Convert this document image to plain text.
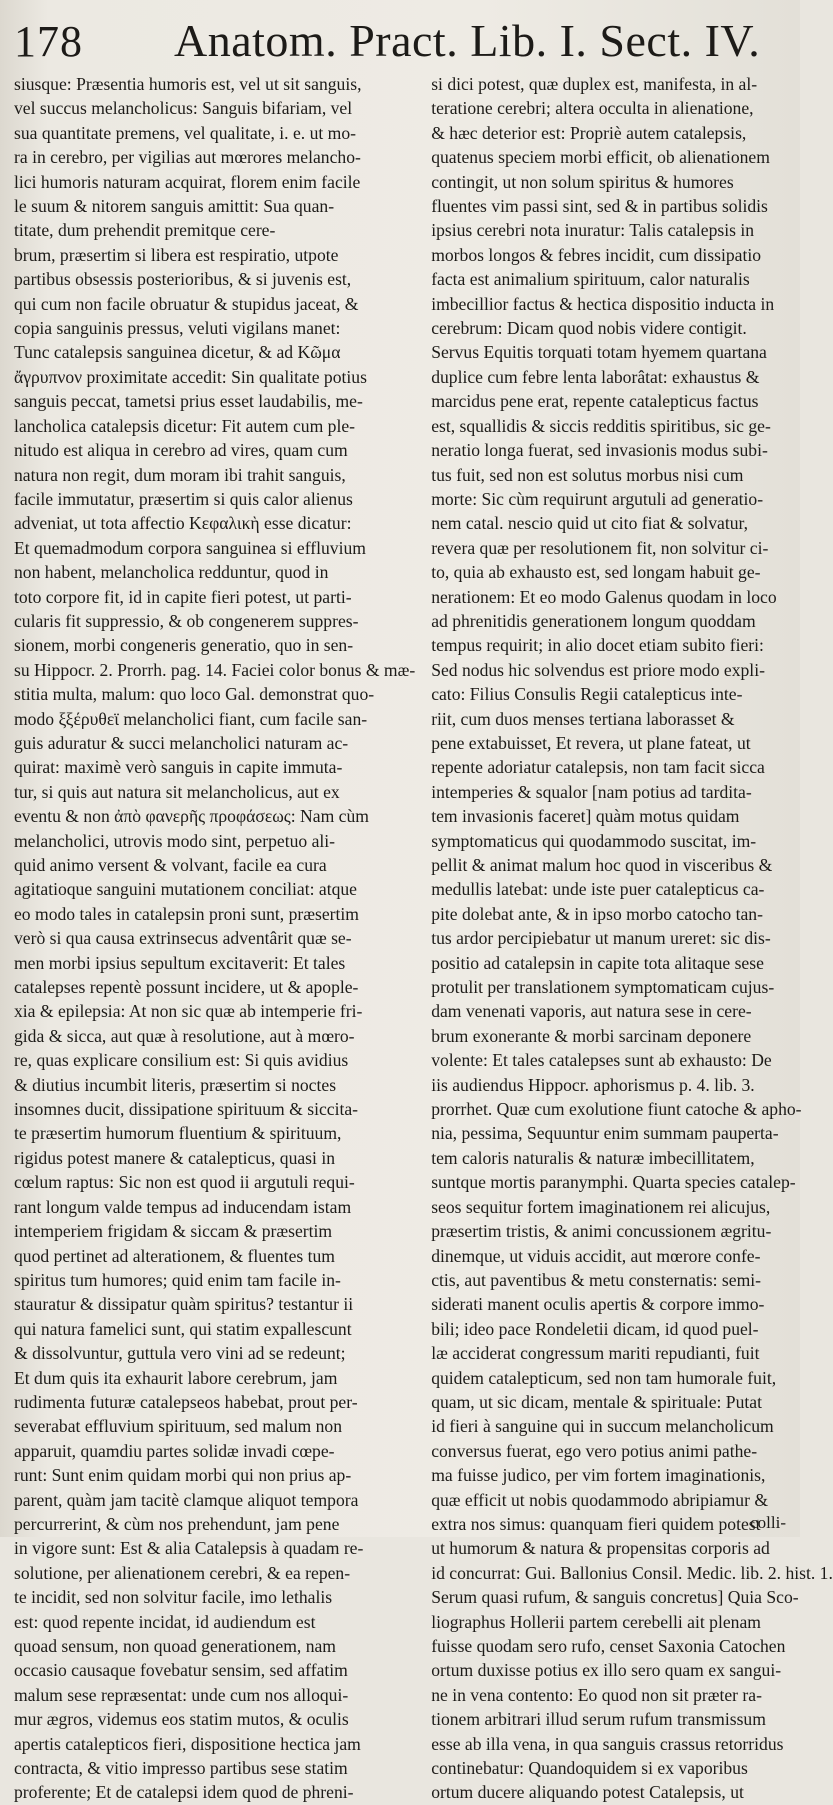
178	Anatom. Pract. Lib. I. Sect. IV.
siusque: Præsentia humoris est, vel ut sit sanguis,
vel succus melancholicus: Sanguis bifariam, vel
sua quantitate premens, vel qualitate, i. e. ut mo-
ra in cerebro, per vigilias aut mœrores melancho-
lici humoris naturam acquirat, florem enim facile
le suum & nitorem sanguis amittit: Sua quan-
titate, dum prehendit premitque cere-
brum, præsertim si libera est respiratio, utpote
partibus obsessis posterioribus, & si juvenis est,
qui cum non facile obruatur & stupidus jaceat, &
copia sanguinis pressus, veluti vigilans manet:
Tunc catalepsis sanguinea dicetur, & ad Κῶμα
ἄγρυπνον proximitate accedit: Sin qualitate potius
sanguis peccat, tametsi prius esset laudabilis, me-
lancholica catalepsis dicetur: Fit autem cum ple-
nitudo est aliqua in cerebro ad vires, quam cum
natura non regit, dum moram ibi trahit sanguis,
facile immutatur, præsertim si quis calor alienus
adveniat, ut tota affectio Κεφαλικὴ esse dicatur:
Et quemadmodum corpora sanguinea si effluvium
non habent, melancholica redduntur, quod in
toto corpore fit, id in capite fieri potest, ut parti-
cularis fit suppressio, & ob congenerem suppres-
sionem, morbi congeneris generatio, quo in sen-
su Hippocr. 2. Prorrh. pag. 14. Faciei color bonus & mæ-
stitia multa, malum: quo loco Gal. demonstrat quo-
modo ξξέρυθεϊ melancholici fiant, cum facile san-
guis aduratur & succi melancholici naturam ac-
quirat: maximè verò sanguis in capite immuta-
tur, si quis aut natura sit melancholicus, aut ex
eventu & non ἀπὸ φανερῆς προφάσεως: Nam cùm
melancholici, utrovis modo sint, perpetuo ali-
quid animo versent & volvant, facile ea cura
agitatioque sanguini mutationem conciliat: atque
eo modo tales in catalepsin proni sunt, præsertim
verò si qua causa extrinsecus adventârit quæ se-
men morbi ipsius sepultum excitaverit: Et tales
catalepses repentè possunt incidere, ut & apople-
xia & epilepsia: At non sic quæ ab intemperie fri-
gida & sicca, aut quæ à resolutione, aut à mœro-
re, quas explicare consilium est: Si quis avidius
& diutius incumbit literis, præsertim si noctes
insomnes ducit, dissipatione spirituum & siccita-
te præsertim humorum fluentium & spirituum,
rigidus potest manere & catalepticus, quasi in
cœlum raptus: Sic non est quod ii argutuli requi-
rant longum valde tempus ad inducendam istam
intemperiem frigidam & siccam & præsertim
quod pertinet ad alterationem, & fluentes tum
spiritus tum humores; quid enim tam facile in-
stauratur & dissipatur quàm spiritus? testantur ii
qui natura famelici sunt, qui statim expallescunt
& dissolvuntur, guttula vero vini ad se redeunt;
Et dum quis ita exhaurit labore cerebrum, jam
rudimenta futuræ catalepseos habebat, prout per-
severabat effluvium spirituum, sed malum non
apparuit, quamdiu partes solidæ invadi cœpe-
runt: Sunt enim quidam morbi qui non prius ap-
parent, quàm jam tacitè clamque aliquot tempora
percurrerint, & cùm nos prehendunt, jam pene
in vigore sunt: Est & alia Catalepsis à quadam re-
solutione, per alienationem cerebri, & ea repen-
te incidit, sed non solvitur facile, imo lethalis
est: quod repente incidat, id audiendum est
quoad sensum, non quoad generationem, nam
occasio causaque fovebatur sensim, sed affatim
malum sese repræsentat: unde cum nos alloqui-
mur ægros, videmus eos statim mutos, & oculis
apertis catalepticos fieri, dispositione hectica jam
contracta, & vitio impresso partibus sese statim
proferente; Et de catalepsi idem quod de phreni-
si dici potest, quæ duplex est, manifesta, in al-
teratione cerebri; altera occulta in alienatione,
& hæc deterior est: Propriè autem catalepsis,
quatenus speciem morbi efficit, ob alienationem
contingit, ut non solum spiritus & humores
fluentes vim passi sint, sed & in partibus solidis
ipsius cerebri nota inuratur: Talis catalepsis in
morbos longos & febres incidit, cum dissipatio
facta est animalium spirituum, calor naturalis
imbecillior factus & hectica dispositio inducta in
cerebrum: Dicam quod nobis videre contigit.
Servus Equitis torquati totam hyemem quartana
duplice cum febre lenta laborâtat: exhaustus &
marcidus pene erat, repente catalepticus factus
est, squallidis & siccis redditis spiritibus, sic ge-
neratio longa fuerat, sed invasionis modus subi-
tus fuit, sed non est solutus morbus nisi cum
morte: Sic cùm requirunt argutuli ad generatio-
nem catal. nescio quid ut cito fiat & solvatur,
revera quæ per resolutionem fit, non solvitur ci-
to, quia ab exhausto est, sed longam habuit ge-
nerationem: Et eo modo Galenus quodam in loco
ad phrenitidis generationem longum quoddam
tempus requirit; in alio docet etiam subito fieri:
Sed nodus hic solvendus est priore modo expli-
cato: Filius Consulis Regii catalepticus inte-
riit, cum duos menses tertiana laborasset &
pene extabuisset, Et revera, ut plane fateat, ut
repente adoriatur catalepsis, non tam facit sicca
intemperies & squalor [nam potius ad tardita-
tem invasionis faceret] quàm motus quidam
symptomaticus qui quodammodo suscitat, im-
pellit & animat malum hoc quod in visceribus &
medullis latebat: unde iste puer catalepticus ca-
pite dolebat ante, & in ipso morbo catocho tan-
tus ardor percipiebatur ut manum ureret: sic dis-
positio ad catalepsin in capite tota alitaque sese
protulit per translationem symptomaticam cujus-
dam venenati vaporis, aut natura sese in cere-
brum exonerante & morbi sarcinam deponere
volente: Et tales catalepses sunt ab exhausto: De
iis audiendus Hippocr. aphorismus p. 4. lib. 3.
prorrhet. Quæ cum exolutione fiunt catoche & apho-
nia, pessima, Sequuntur enim summam pauperta-
tem caloris naturalis & naturæ imbecillitatem,
suntque mortis paranymphi. Quarta species catalep-
seos sequitur fortem imaginationem rei alicujus,
præsertim tristis, & animi concussionem ægritu-
dinemque, ut viduis accidit, aut mœrore confe-
ctis, aut paventibus & metu consternatis: semi-
siderati manent oculis apertis & corpore immo-
bili; ideo pace Rondeletii dicam, id quod puel-
læ acciderat congressum mariti repudianti, fuit
quidem catalepticum, sed non tam humorale fuit,
quam, ut sic dicam, mentale & spirituale: Putat
id fieri à sanguine qui in succum melancholicum
conversus fuerat, ego vero potius animi pathe-
ma fuisse judico, per vim fortem imaginationis,
quæ efficit ut nobis quodammodo abripiamur &
extra nos simus: quanquam fieri quidem potest
ut humorum & natura & propensitas corporis ad
id concurrat: Gui. Ballonius Consil. Medic. lib. 2. hist. 1.
Serum quasi rufum, & sanguis concretus] Quia Sco-
liographus Hollerii partem cerebelli ait plenam
fuisse quodam sero rufo, censet Saxonia Catochen
ortum duxisse potius ex illo sero quam ex sangui-
ne in vena contento: Eo quod non sit præter ra-
tionem arbitrari illud serum rufum transmissum
esse ab illa vena, in qua sanguis crassus retorridus
continebatur: Quandoquidem si ex vaporibus
ortum ducere aliquando potest Catalepsis, ut
colli-
